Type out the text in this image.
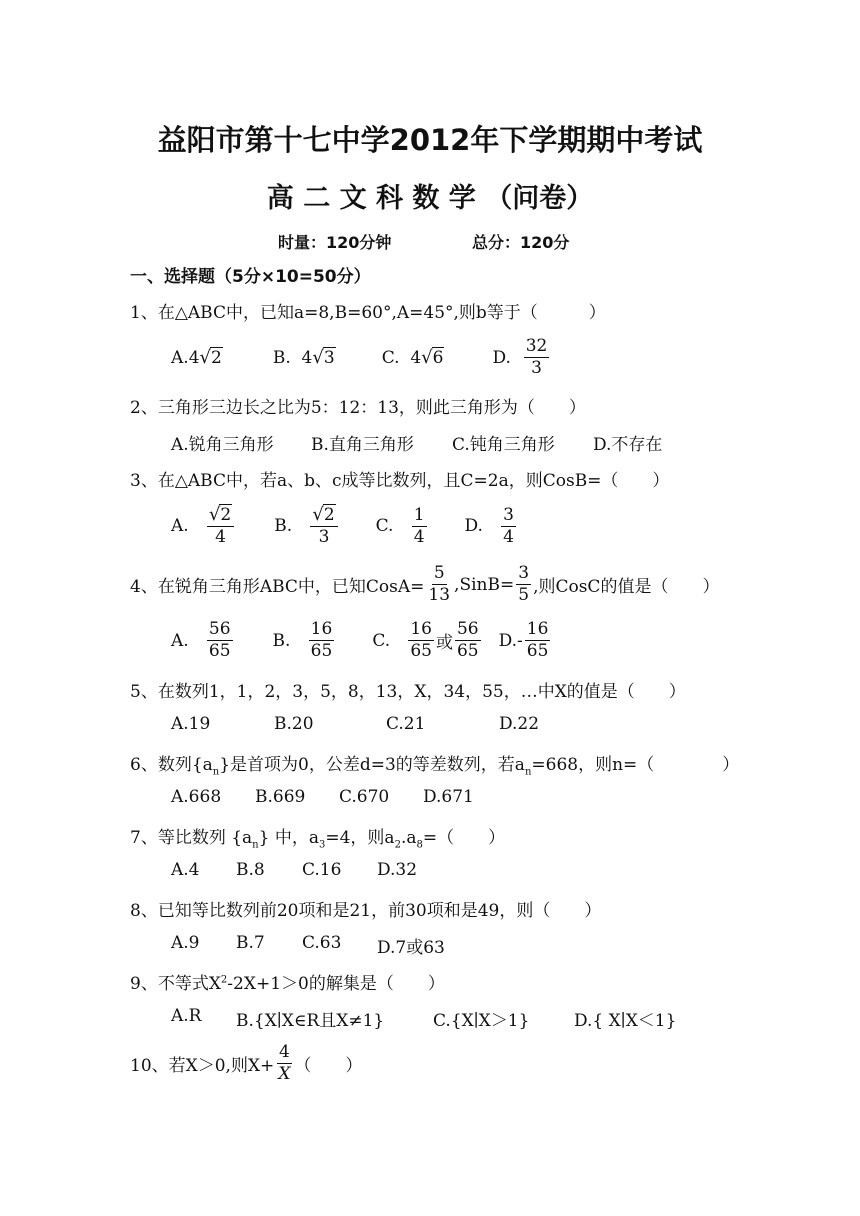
益阳市第十七中学2012年下学期期中考试
高 二 文 科 数 学 （问卷）
时量：120分钟	总分：120分
一、选择题（5分×10=50分）
1、在△ABC中，已知a=8,B=60°,A=45°,则b等于（　　　）
A. 4 √ 2	B.
4 √ 3	C.
4 √ 6	D.
$\frac{32}{3}$
2、三角形三边长之比为5：12：13，则此三角形为（　　）
A.锐角三角形 B.直角三角形 C.钝角三角形 D.不存在
3、在△ABC中，若a、b、c成等比数列，且C=2a，则CosB=（　　）
A.
$\frac{√2}{4} B$.
$\frac{√2}{3} C$.
$\frac{1}{4} D$.
$\frac{3}{4}$
4、在锐角三角形ABC中，已知CosA= $\frac{5}{13}$ ,SinB= $\frac{3}{5}$ ,则CosC的值是（　　）
A.
$\frac{56}{65} B$.
$\frac{16}{65} C$.
$\frac{16}{65}$ 或 $\frac{56}{65} D.- \frac{16}{65}$
5、在数列1，1，2，3，5，8，13，X，34，55，…中X的值是（　　）
A.19	B.20	C.21	D.22
6、数列$\{a_n\}$是首项为0，公差d=3的等差数列，若$a_n=668$，则n=（　　　　）
A.668 B.669 C.670 D.671
7、等比数列 $\{a_n\}$ 中，$a_3=4$，则$a_2.a_8=$（　　）
A.4 B.8 C.16 D.32
8、已知等比数列前20项和是21，前30项和是49，则（　　）
A.9 B.7 C.63 D.7或63
9、不等式$X^2-2X+1>0$的解集是（　　）
A.R B.{X∣X∈R且X≠1}	C.{X∣X＞1}	D.{ X∣X＜1}
10、若X＞0,则$X+ \frac{4}{X}$ （　　）
